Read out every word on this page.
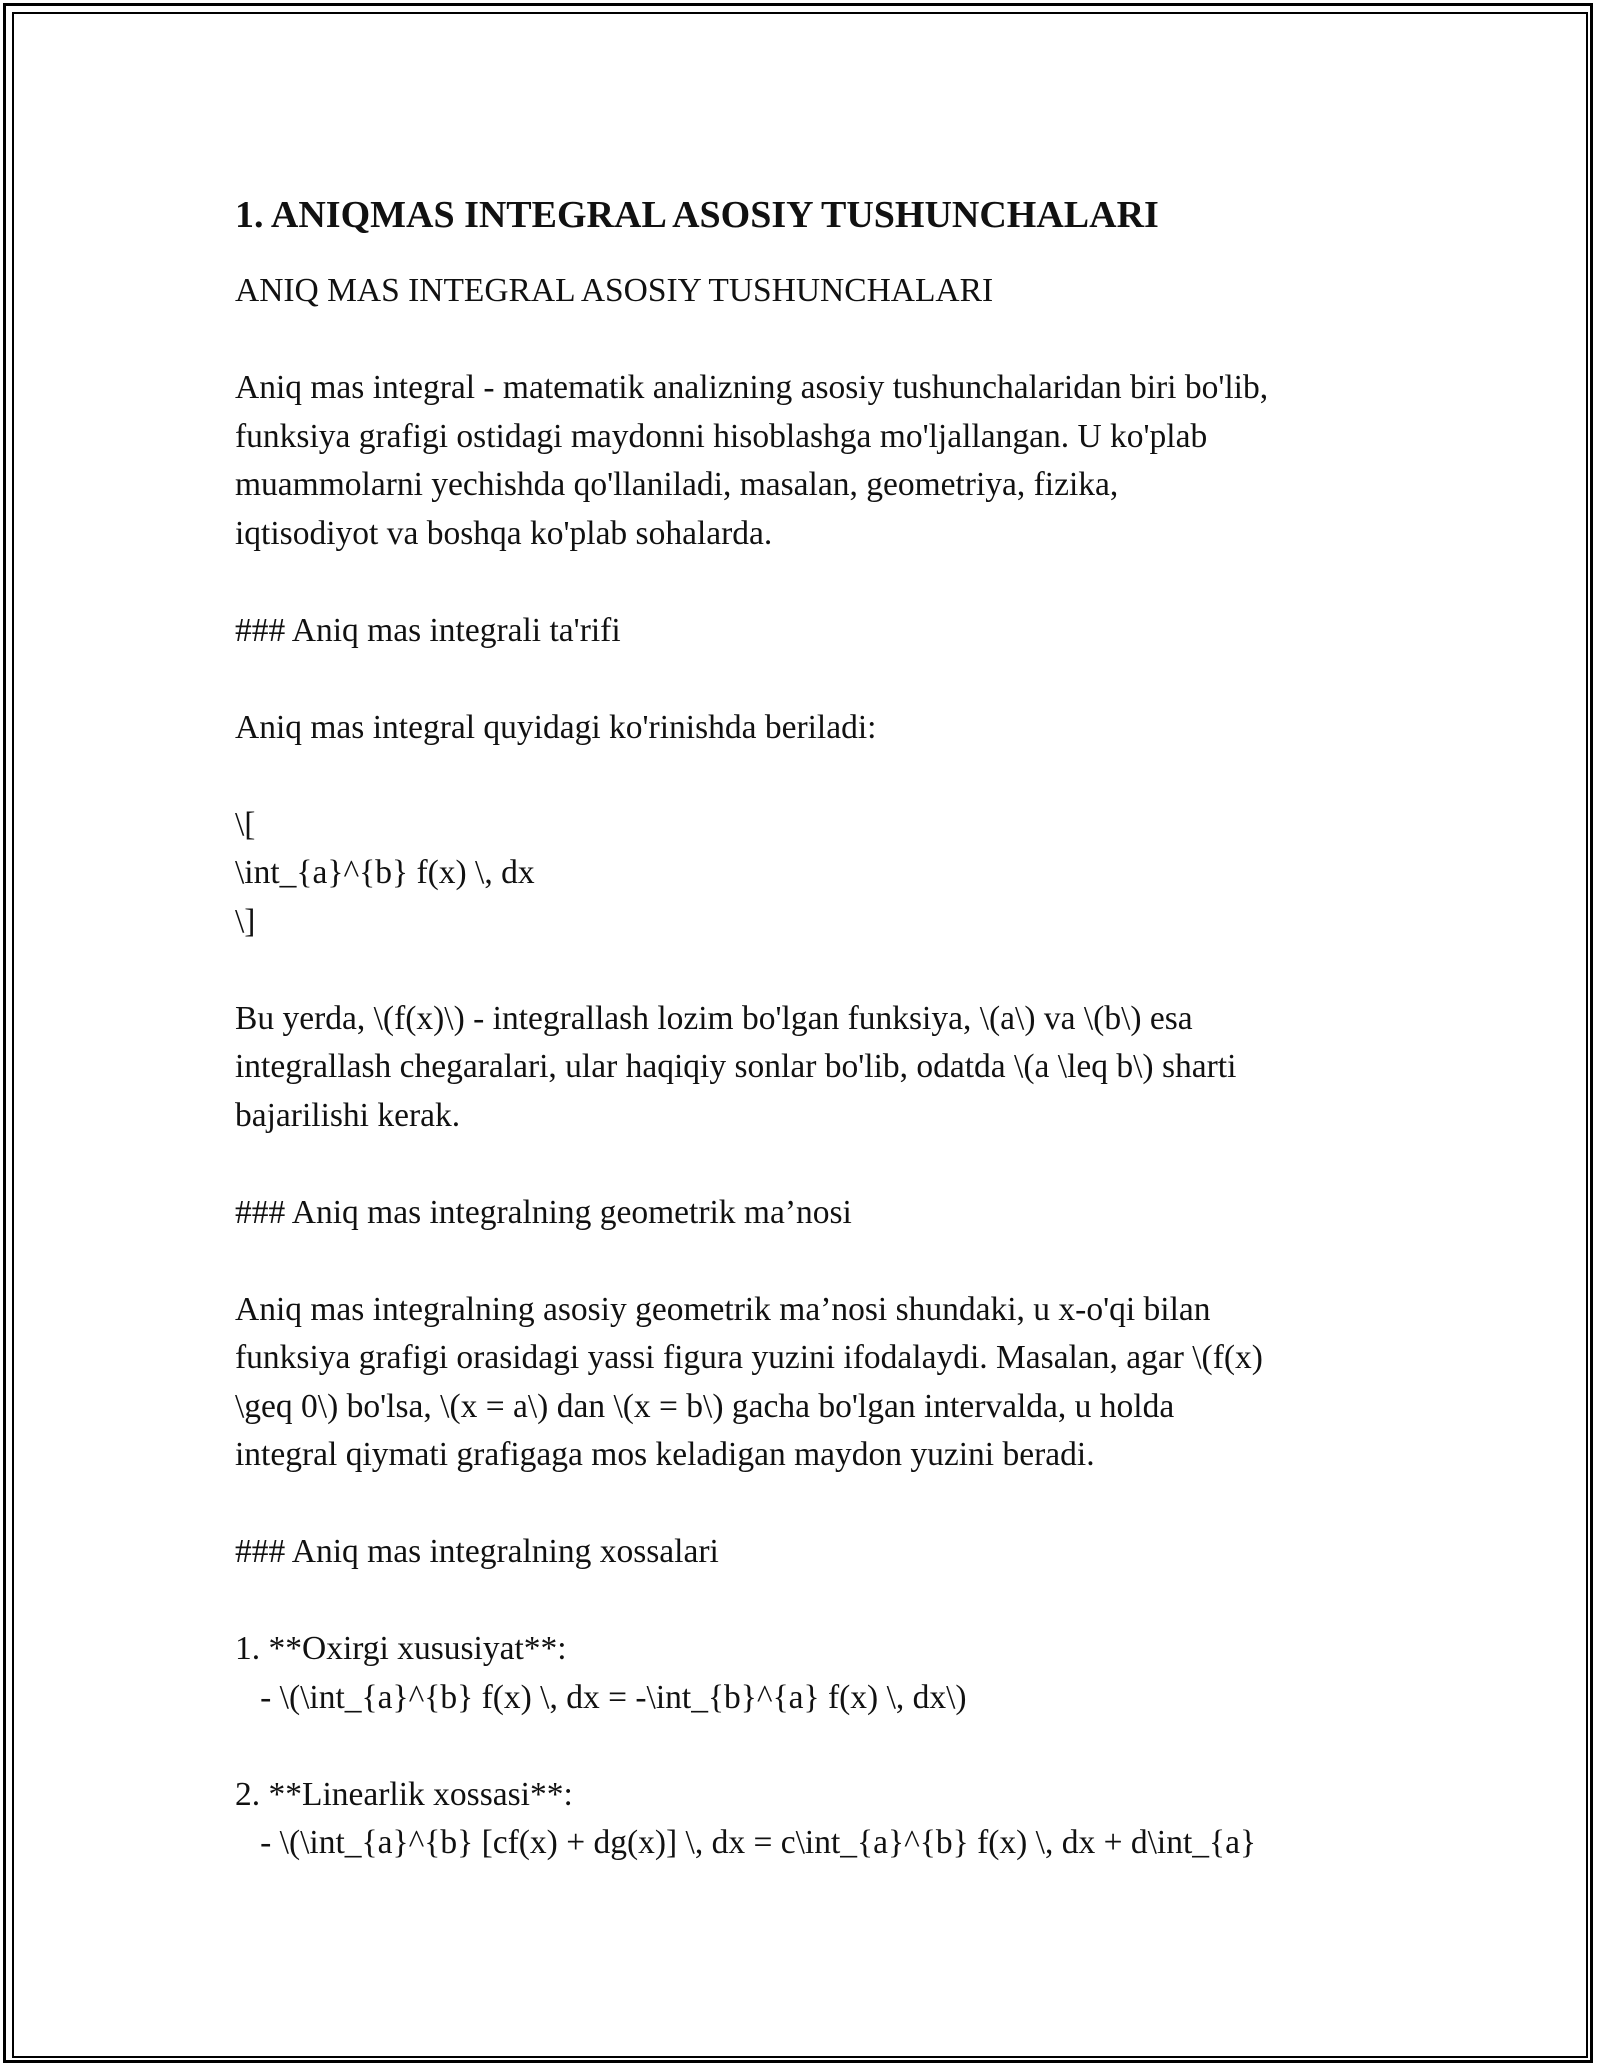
1. ANIQMAS INTEGRAL ASOSIY TUSHUNCHALARI
ANIQ MAS INTEGRAL ASOSIY TUSHUNCHALARI
Aniq mas integral - matematik analizning asosiy tushunchalaridan biri bo'lib,
funksiya grafigi ostidagi maydonni hisoblashga mo'ljallangan. U ko'plab
muammolarni yechishda qo'llaniladi, masalan, geometriya, fizika,
iqtisodiyot va boshqa ko'plab sohalarda.
### Aniq mas integrali ta'rifi
Aniq mas integral quyidagi ko'rinishda beriladi:
\[
\int_{a}^{b} f(x) \, dx
\]
Bu yerda, \(f(x)\) - integrallash lozim bo'lgan funksiya, \(a\) va \(b\) esa
integrallash chegaralari, ular haqiqiy sonlar bo'lib, odatda \(a \leq b\) sharti
bajarilishi kerak.
### Aniq mas integralning geometrik ma’nosi
Aniq mas integralning asosiy geometrik ma’nosi shundaki, u x-o'qi bilan
funksiya grafigi orasidagi yassi figura yuzini ifodalaydi. Masalan, agar \(f(x)
\geq 0\) bo'lsa, \(x = a\) dan \(x = b\) gacha bo'lgan intervalda, u holda
integral qiymati grafigaga mos keladigan maydon yuzini beradi.
### Aniq mas integralning xossalari
1. **Oxirgi xususiyat**:
- \(\int_{a}^{b} f(x) \, dx = -\int_{b}^{a} f(x) \, dx\)
2. **Linearlik xossasi**:
- \(\int_{a}^{b} [cf(x) + dg(x)] \, dx = c\int_{a}^{b} f(x) \, dx + d\int_{a}
